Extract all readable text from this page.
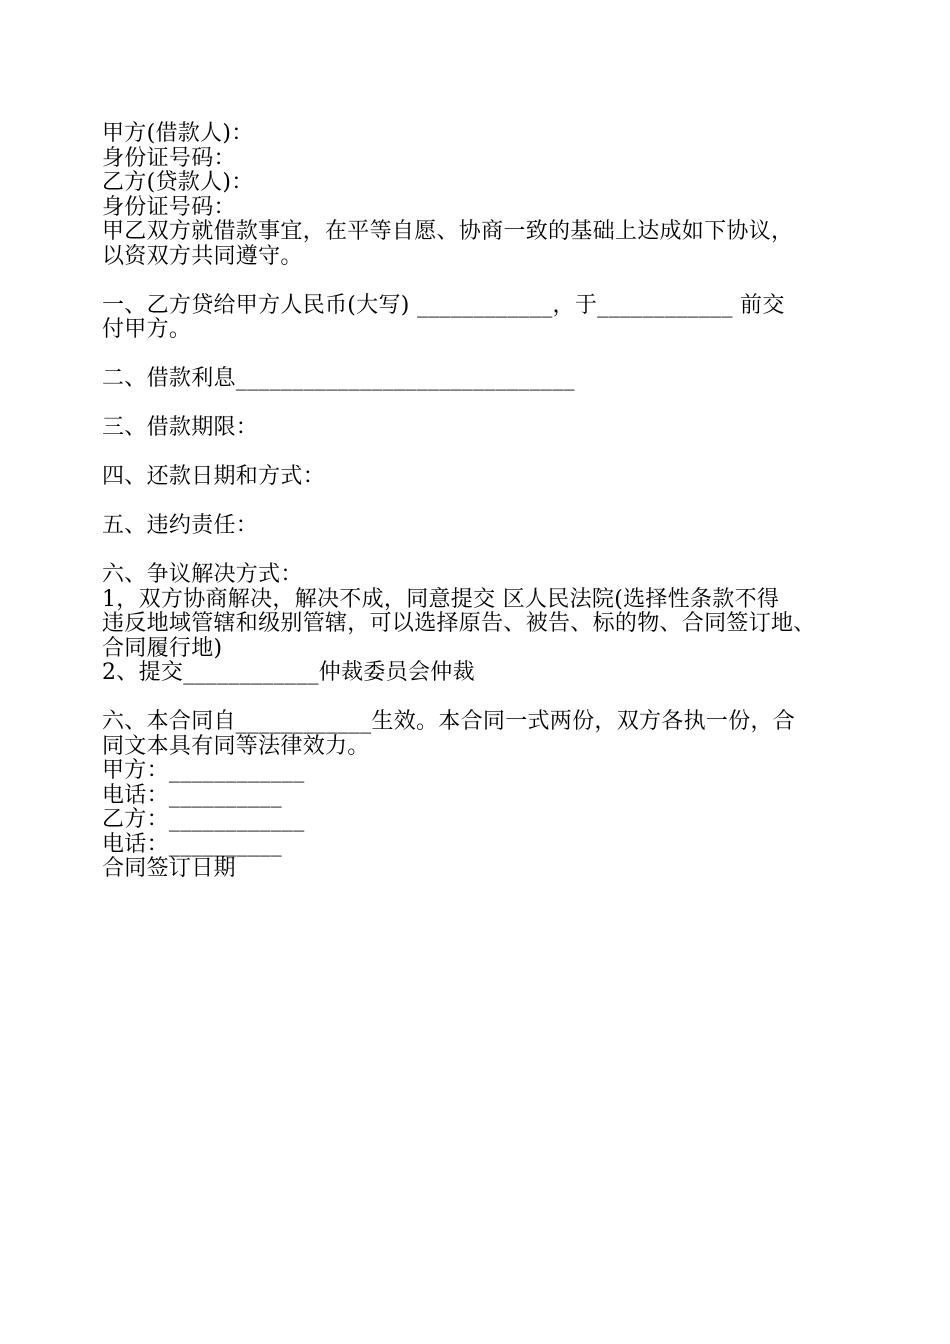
甲方(借款人)：
身份证号码：
乙方(贷款人)：
身份证号码：
甲乙双方就借款事宜，在平等自愿、协商一致的基础上达成如下协议，
以资双方共同遵守。
一、乙方贷给甲方人民币(大写) ____________，于____________ 前交
付甲方。
二、借款利息______________________________
三、借款期限：
四、还款日期和方式：
五、违约责任：
六、争议解决方式：
1，双方协商解决，解决不成，同意提交 区人民法院(选择性条款不得
违反地域管辖和级别管辖，可以选择原告、被告、标的物、合同签订地、
合同履行地)
2、提交____________仲裁委员会仲裁
六、本合同自____________生效。本合同一式两份，双方各执一份，合
同文本具有同等法律效力。
甲方：____________
电话：__________
乙方：____________
电话：__________
合同签订日期
